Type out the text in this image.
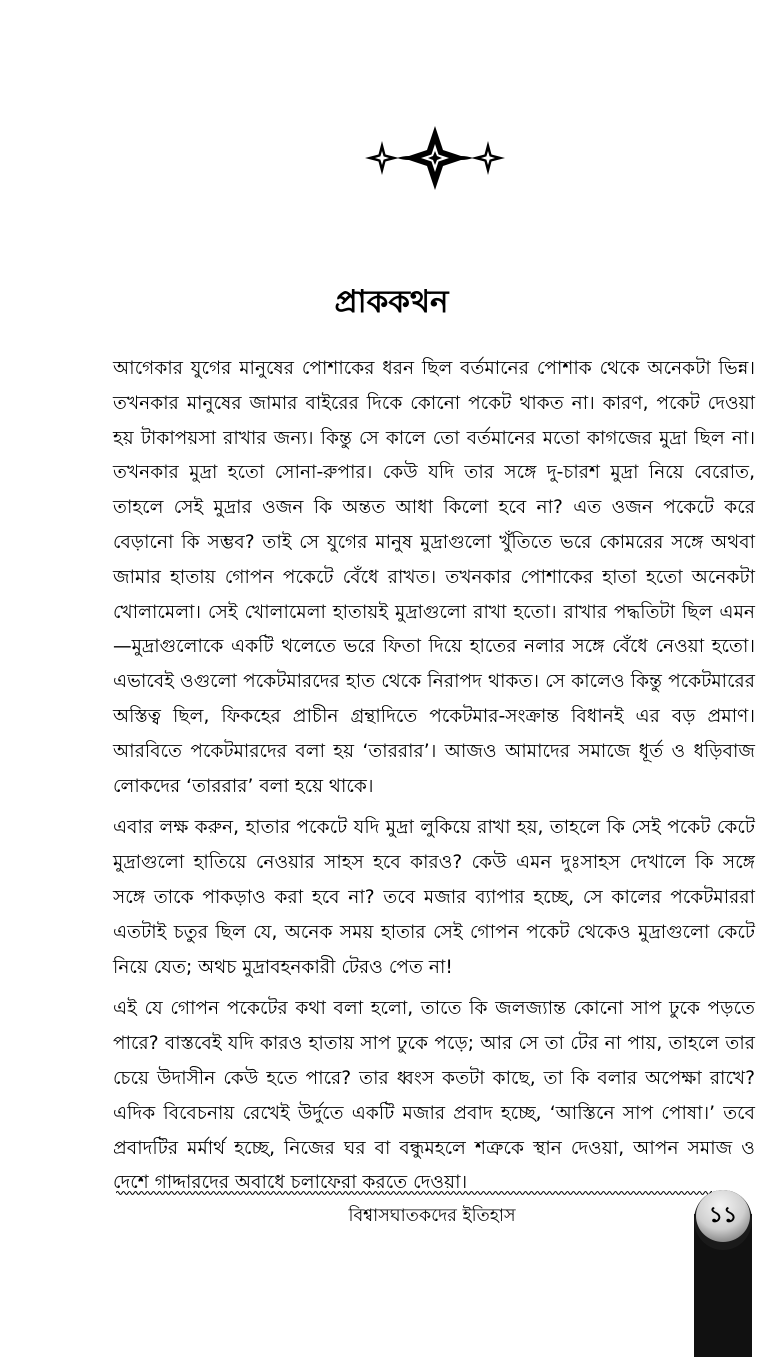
প্রাককথন

আগেকার যুগের মানুষের পোশাকের ধরন ছিল বর্তমানের পোশাক থেকে অনেকটা ভিন্ন। তখনকার মানুষের জামার বাইরের দিকে কোনো পকেট থাকত না। কারণ, পকেট দেওয়া হয় টাকাপয়সা রাখার জন্য। কিন্তু সে কালে তো বর্তমানের মতো কাগজের মুদ্রা ছিল না। তখনকার মুদ্রা হতো সোনা-রুপার। কেউ যদি তার সঙ্গে দু-চারশ মুদ্রা নিয়ে বেরোত, তাহলে সেই মুদ্রার ওজন কি অন্তত আধা কিলো হবে না? এত ওজন পকেটে করে বেড়ানো কি সম্ভব? তাই সে যুগের মানুষ মুদ্রাগুলো খুঁতিতে ভরে কোমরের সঙ্গে অথবা জামার হাতায় গোপন পকেটে বেঁধে রাখত। তখনকার পোশাকের হাতা হতো অনেকটা খোলামেলা। সেই খোলামেলা হাতায়ই মুদ্রাগুলো রাখা হতো। রাখার পদ্ধতিটা ছিল এমন—মুদ্রাগুলোকে একটি থলেতে ভরে ফিতা দিয়ে হাতের নলার সঙ্গে বেঁধে নেওয়া হতো। এভাবেই ওগুলো পকেটমারদের হাত থেকে নিরাপদ থাকত। সে কালেও কিন্তু পকেটমারের অস্তিত্ব ছিল, ফিকহের প্রাচীন গ্রন্থাদিতে পকেটমার-সংক্রান্ত বিধানই এর বড় প্রমাণ। আরবিতে পকেটমারদের বলা হয় ‘তাররার’। আজও আমাদের সমাজে ধূর্ত ও ধড়িবাজ লোকদের ‘তাররার’ বলা হয়ে থাকে।

এবার লক্ষ করুন, হাতার পকেটে যদি মুদ্রা লুকিয়ে রাখা হয়, তাহলে কি সেই পকেট কেটে মুদ্রাগুলো হাতিয়ে নেওয়ার সাহস হবে কারও? কেউ এমন দুঃসাহস দেখালে কি সঙ্গে সঙ্গে তাকে পাকড়াও করা হবে না? তবে মজার ব্যাপার হচ্ছে, সে কালের পকেটমাররা এতটাই চতুর ছিল যে, অনেক সময় হাতার সেই গোপন পকেট থেকেও মুদ্রাগুলো কেটে নিয়ে যেত; অথচ মুদ্রাবহনকারী টেরও পেত না!

এই যে গোপন পকেটের কথা বলা হলো, তাতে কি জলজ্যান্ত কোনো সাপ ঢুকে পড়তে পারে? বাস্তবেই যদি কারও হাতায় সাপ ঢুকে পড়ে; আর সে তা টের না পায়, তাহলে তার চেয়ে উদাসীন কেউ হতে পারে? তার ধ্বংস কতটা কাছে, তা কি বলার অপেক্ষা রাখে? এদিক বিবেচনায় রেখেই উর্দুতে একটি মজার প্রবাদ হচ্ছে, ‘আস্তিনে সাপ পোষা।’ তবে প্রবাদটির মর্মার্থ হচ্ছে, নিজের ঘর বা বন্ধুমহলে শত্রুকে স্থান দেওয়া, আপন সমাজ ও দেশে গাদ্দারদের অবাধে চলাফেরা করতে দেওয়া।

বিশ্বাসঘাতকদের ইতিহাস	১১
